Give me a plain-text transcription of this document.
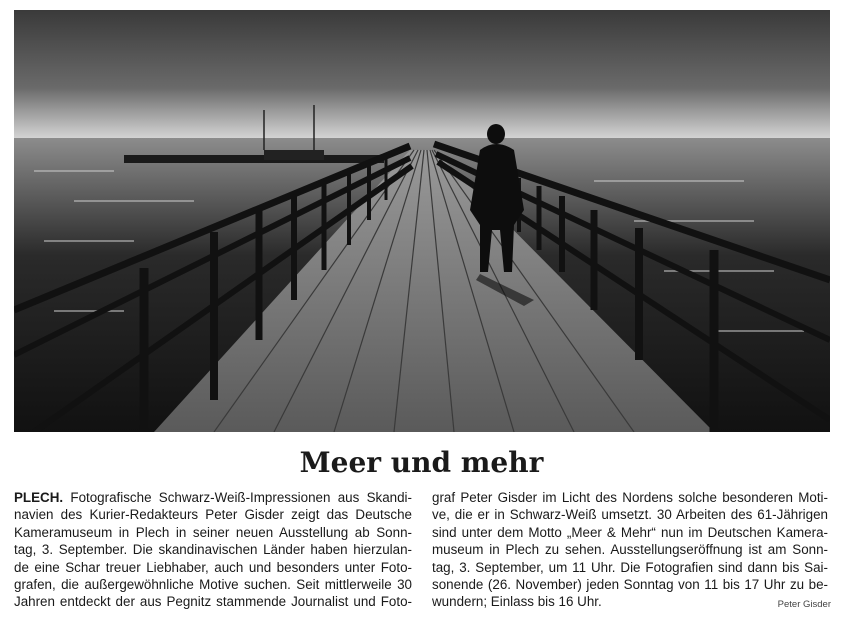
Meer und mehr
PLECH. Fotografische Schwarz-Weiß-Impressionen aus Skandi-
navien des Kurier-Redakteurs Peter Gisder zeigt das Deutsche
Kameramuseum in Plech in seiner neuen Ausstellung ab Sonn-
tag, 3. September. Die skandinavischen Länder haben hierzulan-
de eine Schar treuer Liebhaber, auch und besonders unter Foto-
grafen, die außergewöhnliche Motive suchen. Seit mittlerweile 30
Jahren entdeckt der aus Pegnitz stammende Journalist und Foto-
graf Peter Gisder im Licht des Nordens solche besonderen Moti-
ve, die er in Schwarz-Weiß umsetzt. 30 Arbeiten des 61-Jährigen
sind unter dem Motto „Meer & Mehr“ nun im Deutschen Kamera-
museum in Plech zu sehen. Ausstellungseröffnung ist am Sonn-
tag, 3. September, um 11 Uhr. Die Fotografien sind dann bis Sai-
sonende (26. November) jeden Sonntag von 11 bis 17 Uhr zu be-
wundern; Einlass bis 16 Uhr.	Peter Gisder
